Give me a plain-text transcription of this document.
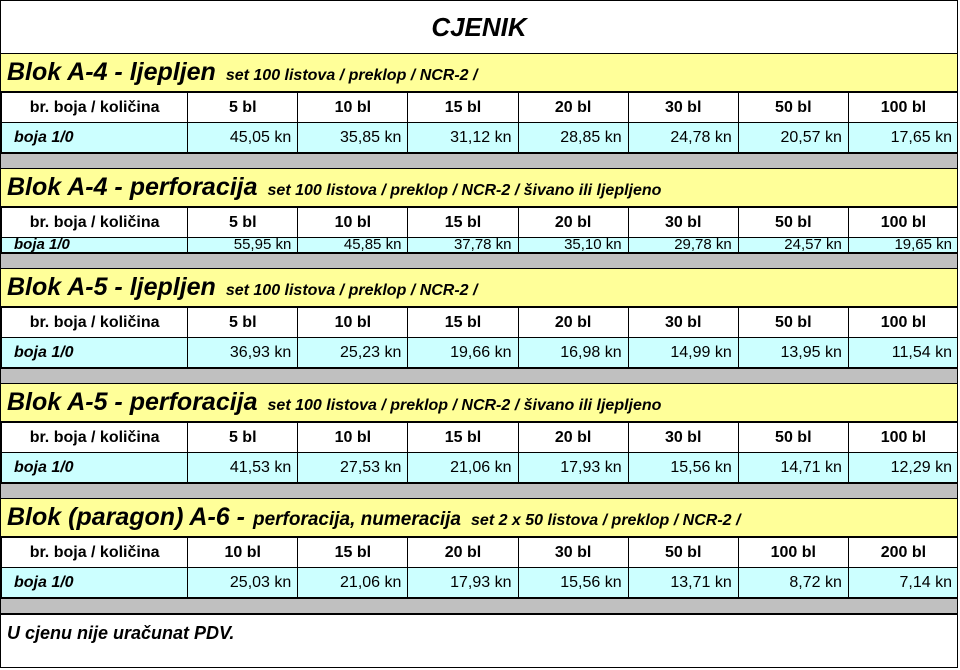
CJENIK
Blok A-4 - ljepljen set 100 listova / preklop / NCR-2 /
br. boja / količina	5 bl	10 bl	15 bl	20 bl	30 bl	50 bl	100 bl
boja 1/0	45,05 kn	35,85 kn	31,12 kn	28,85 kn	24,78 kn	20,57 kn	17,65 kn
Blok A-4 - perforacija set 100 listova / preklop / NCR-2 / šivano ili ljepljeno
br. boja / količina	5 bl	10 bl	15 bl	20 bl	30 bl	50 bl	100 bl
boja 1/0	55,95 kn	45,85 kn	37,78 kn	35,10 kn	29,78 kn	24,57 kn	19,65 kn
Blok A-5 - ljepljen set 100 listova / preklop / NCR-2 /
br. boja / količina	5 bl	10 bl	15 bl	20 bl	30 bl	50 bl	100 bl
boja 1/0	36,93 kn	25,23 kn	19,66 kn	16,98 kn	14,99 kn	13,95 kn	11,54 kn
Blok A-5 - perforacija set 100 listova / preklop / NCR-2 / šivano ili ljepljeno
br. boja / količina	5 bl	10 bl	15 bl	20 bl	30 bl	50 bl	100 bl
boja 1/0	41,53 kn	27,53 kn	21,06 kn	17,93 kn	15,56 kn	14,71 kn	12,29 kn
Blok (paragon) A-6 - perforacija, numeracija set 2 x 50 listova / preklop / NCR-2 /
br. boja / količina	10 bl	15 bl	20 bl	30 bl	50 bl	100 bl	200 bl
boja 1/0	25,03 kn	21,06 kn	17,93 kn	15,56 kn	13,71 kn	8,72 kn	7,14 kn
U cjenu nije uračunat PDV.
